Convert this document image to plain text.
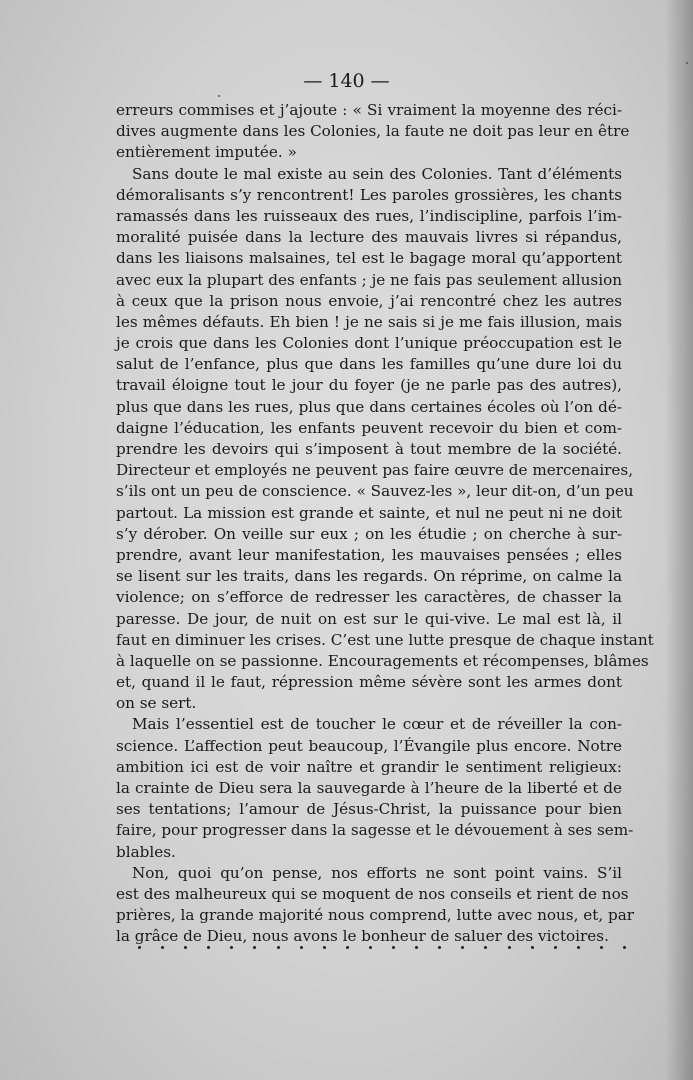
— 140 —
erreurs commises et j’ajoute : « Si vraiment la moyenne des réci-
dives augmente dans les Colonies, la faute ne doit pas leur en être
entièrement imputée. »
Sans doute le mal existe au sein des Colonies. Tant d’éléments
démoralisants s’y rencontrent! Les paroles grossières, les chants
ramassés dans les ruisseaux des rues, l’indiscipline, parfois l’im-
moralité puisée dans la lecture des mauvais livres si répandus,
dans les liaisons malsaines, tel est le bagage moral qu’apportent
avec eux la plupart des enfants ; je ne fais pas seulement allusion
à ceux que la prison nous envoie, j’ai rencontré chez les autres
les mêmes défauts. Eh bien ! je ne sais si je me fais illusion, mais
je crois que dans les Colonies dont l’unique préoccupation est le
salut de l’enfance, plus que dans les familles qu’une dure loi du
travail éloigne tout le jour du foyer (je ne parle pas des autres),
plus que dans les rues, plus que dans certaines écoles où l’on dé-
daigne l’éducation, les enfants peuvent recevoir du bien et com-
prendre les devoirs qui s’imposent à tout membre de la société.
Directeur et employés ne peuvent pas faire œuvre de mercenaires,
s’ils ont un peu de conscience. « Sauvez-les », leur dit-on, d’un peu
partout. La mission est grande et sainte, et nul ne peut ni ne doit
s’y dérober. On veille sur eux ; on les étudie ; on cherche à sur-
prendre, avant leur manifestation, les mauvaises pensées ; elles
se lisent sur les traits, dans les regards. On réprime, on calme la
violence; on s’efforce de redresser les caractères, de chasser la
paresse. De jour, de nuit on est sur le qui-vive. Le mal est là, il
faut en diminuer les crises. C’est une lutte presque de chaque instant
à laquelle on se passionne. Encouragements et récompenses, blâmes
et, quand il le faut, répression même sévère sont les armes dont
on se sert.
Mais l’essentiel est de toucher le cœur et de réveiller la con-
science. L’affection peut beaucoup, l’Évangile plus encore. Notre
ambition ici est de voir naître et grandir le sentiment religieux:
la crainte de Dieu sera la sauvegarde à l’heure de la liberté et de
ses tentations; l’amour de Jésus-Christ, la puissance pour bien
faire, pour progresser dans la sagesse et le dévouement à ses sem-
blables.
Non, quoi qu’on pense, nos efforts ne sont point vains. S’il
est des malheureux qui se moquent de nos conseils et rient de nos
prières, la grande majorité nous comprend, lutte avec nous, et, par
la grâce de Dieu, nous avons le bonheur de saluer des victoires.
